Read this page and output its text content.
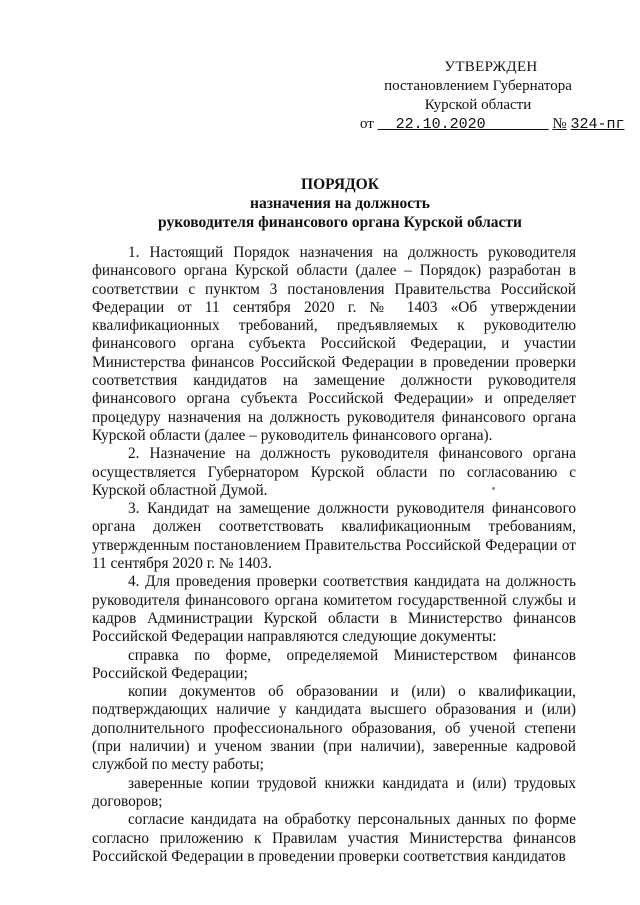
УТВЕРЖДЕН
постановлением Губернатора
Курской области
от 22.10.2020	№ 324-пг
ПОРЯДОК
назначения на должность
руководителя финансового органа Курской области

1. Настоящий Порядок назначения на должность руководителя финансового органа Курской области (далее – Порядок) разработан в соответствии с пунктом 3 постановления Правительства Российской Федерации от 11 сентября 2020 г. № 1403 «Об утверждении квалификационных требований, предъявляемых к руководителю финансового органа субъекта Российской Федерации, и участии Министерства финансов Российской Федерации в проведении проверки соответствия кандидатов на замещение должности руководителя финансового органа субъекта Российской Федерации» и определяет процедуру назначения на должность руководителя финансового органа Курской области (далее – руководитель финансового органа).

2. Назначение на должность руководителя финансового органа осуществляется Губернатором Курской области по согласованию с Курской областной Думой.

3. Кандидат на замещение должности руководителя финансового органа должен соответствовать квалификационным требованиям, утвержденным постановлением Правительства Российской Федерации от 11 сентября 2020 г. № 1403.

4. Для проведения проверки соответствия кандидата на должность руководителя финансового органа комитетом государственной службы и кадров Администрации Курской области в Министерство финансов Российской Федерации направляются следующие документы:

справка по форме, определяемой Министерством финансов Российской Федерации;

копии документов об образовании и (или) о квалификации, подтверждающих наличие у кандидата высшего образования и (или) дополнительного профессионального образования, об ученой степени (при наличии) и ученом звании (при наличии), заверенные кадровой службой по месту работы;

заверенные копии трудовой книжки кандидата и (или) трудовых договоров;

согласие кандидата на обработку персональных данных по форме согласно приложению к Правилам участия Министерства финансов Российской Федерации в проведении проверки соответствия кандидатов
